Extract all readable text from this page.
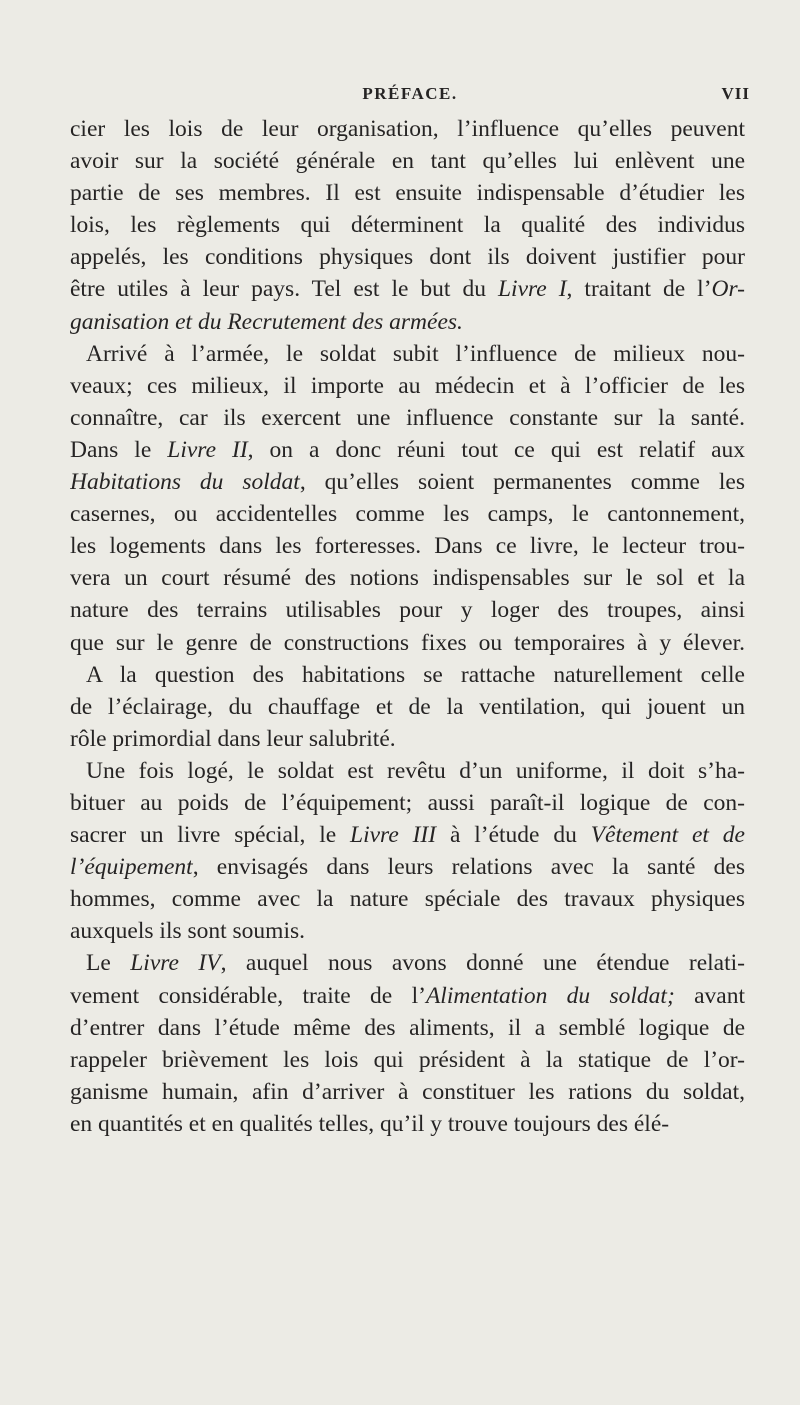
PRÉFACE.	VII
cier les lois de leur organisation, l’influence qu’elles peuvent
avoir sur la société générale en tant qu’elles lui enlèvent une
partie de ses membres. Il est ensuite indispensable d’étudier les
lois, les règlements qui déterminent la qualité des individus
appelés, les conditions physiques dont ils doivent justifier pour
être utiles à leur pays. Tel est le but du Livre I, traitant de l’Or-
ganisation et du Recrutement des armées.
Arrivé à l’armée, le soldat subit l’influence de milieux nou-
veaux; ces milieux, il importe au médecin et à l’officier de les
connaître, car ils exercent une influence constante sur la santé.
Dans le Livre II, on a donc réuni tout ce qui est relatif aux
Habitations du soldat, qu’elles soient permanentes comme les
casernes, ou accidentelles comme les camps, le cantonnement,
les logements dans les forteresses. Dans ce livre, le lecteur trou-
vera un court résumé des notions indispensables sur le sol et la
nature des terrains utilisables pour y loger des troupes, ainsi
que sur le genre de constructions fixes ou temporaires à y élever.
A la question des habitations se rattache naturellement celle
de l’éclairage, du chauffage et de la ventilation, qui jouent un
rôle primordial dans leur salubrité.
Une fois logé, le soldat est revêtu d’un uniforme, il doit s’ha-
bituer au poids de l’équipement; aussi paraît-il logique de con-
sacrer un livre spécial, le Livre III à l’étude du Vêtement et de
l’équipement, envisagés dans leurs relations avec la santé des
hommes, comme avec la nature spéciale des travaux physiques
auxquels ils sont soumis.
Le Livre IV, auquel nous avons donné une étendue relati-
vement considérable, traite de l’Alimentation du soldat; avant
d’entrer dans l’étude même des aliments, il a semblé logique de
rappeler brièvement les lois qui président à la statique de l’or-
ganisme humain, afin d’arriver à constituer les rations du soldat,
en quantités et en qualités telles, qu’il y trouve toujours des élé-
